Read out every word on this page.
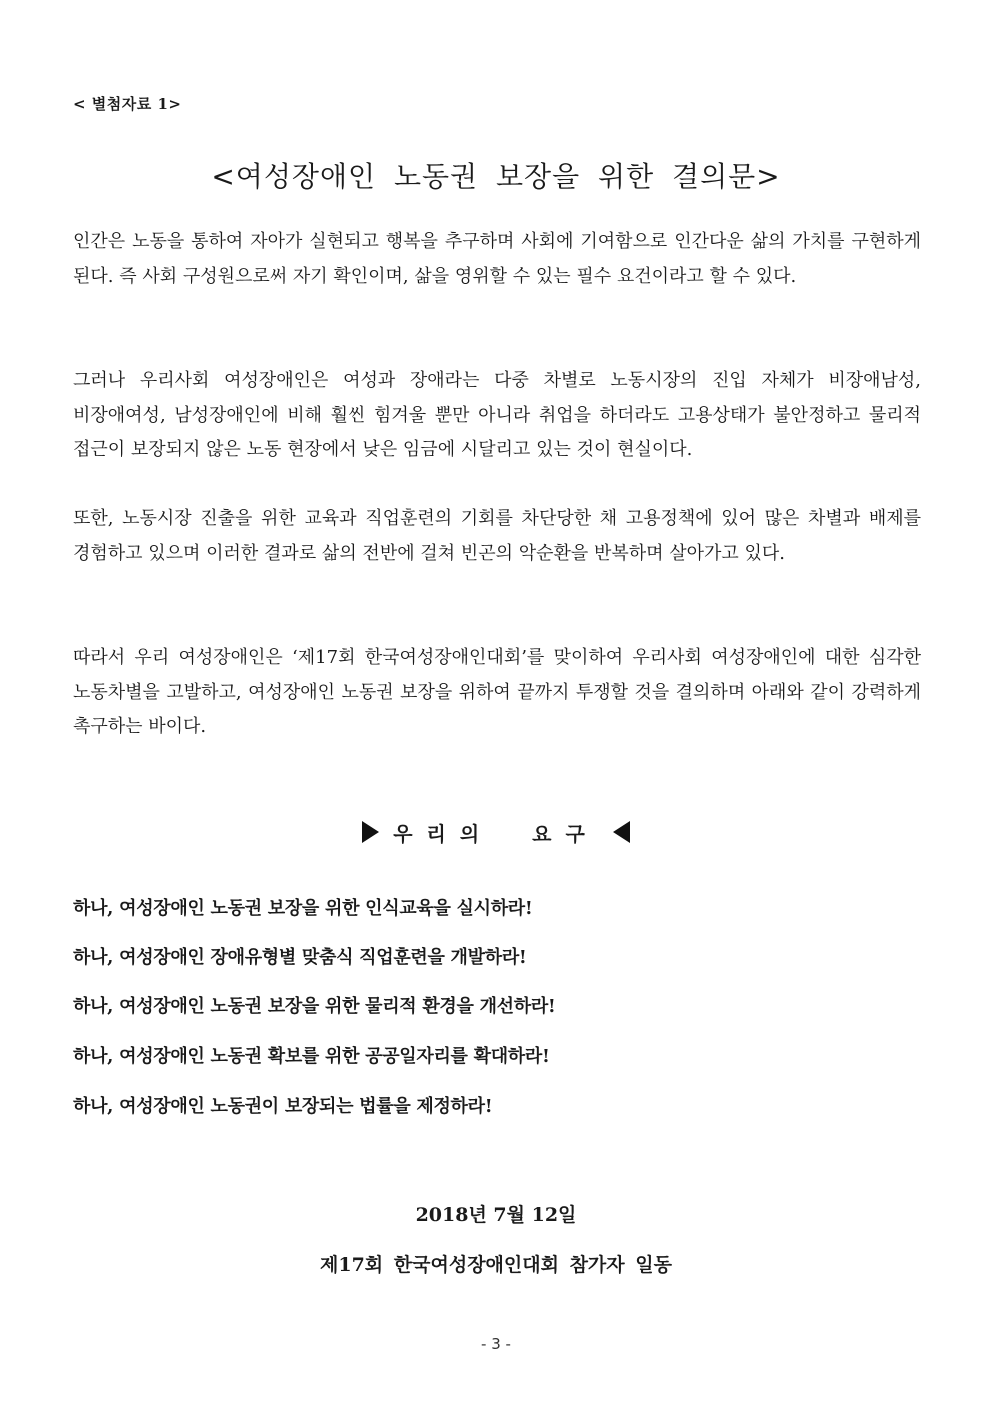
< 별첨자료 1>
<여성장애인 노동권 보장을 위한 결의문>

인간은 노동을 통하여 자아가 실현되고 행복을 추구하며 사회에 기여함으로 인간다운 삶의 가치를 구현하게 된다. 즉 사회 구성원으로써 자기 확인이며, 삶을 영위할 수 있는 필수 요건이라고 할 수 있다.

그러나 우리사회 여성장애인은 여성과 장애라는 다중 차별로 노동시장의 진입 자체가 비장애남성, 비장애여성, 남성장애인에 비해 훨씬 힘겨울 뿐만 아니라 취업을 하더라도 고용상태가 불안정하고 물리적 접근이 보장되지 않은 노동 현장에서 낮은 임금에 시달리고 있는 것이 현실이다.

또한, 노동시장 진출을 위한 교육과 직업훈련의 기회를 차단당한 채 고용정책에 있어 많은 차별과 배제를 경험하고 있으며 이러한 결과로 삶의 전반에 걸쳐 빈곤의 악순환을 반복하며 살아가고 있다.

따라서 우리 여성장애인은 ‘제17회 한국여성장애인대회’를 맞이하여 우리사회 여성장애인에 대한 심각한 노동차별을 고발하고, 여성장애인 노동권 보장을 위하여 끝까지 투쟁할 것을 결의하며 아래와 같이 강력하게 촉구하는 바이다.

우리의 요구
하나, 여성장애인 노동권 보장을 위한 인식교육을 실시하라!
하나, 여성장애인 장애유형별 맞춤식 직업훈련을 개발하라!
하나, 여성장애인 노동권 보장을 위한 물리적 환경을 개선하라!
하나, 여성장애인 노동권 확보를 위한 공공일자리를 확대하라!
하나, 여성장애인 노동권이 보장되는 법률을 제정하라!
2018년 7월 12일
제17회 한국여성장애인대회 참가자 일동
- 3 -
